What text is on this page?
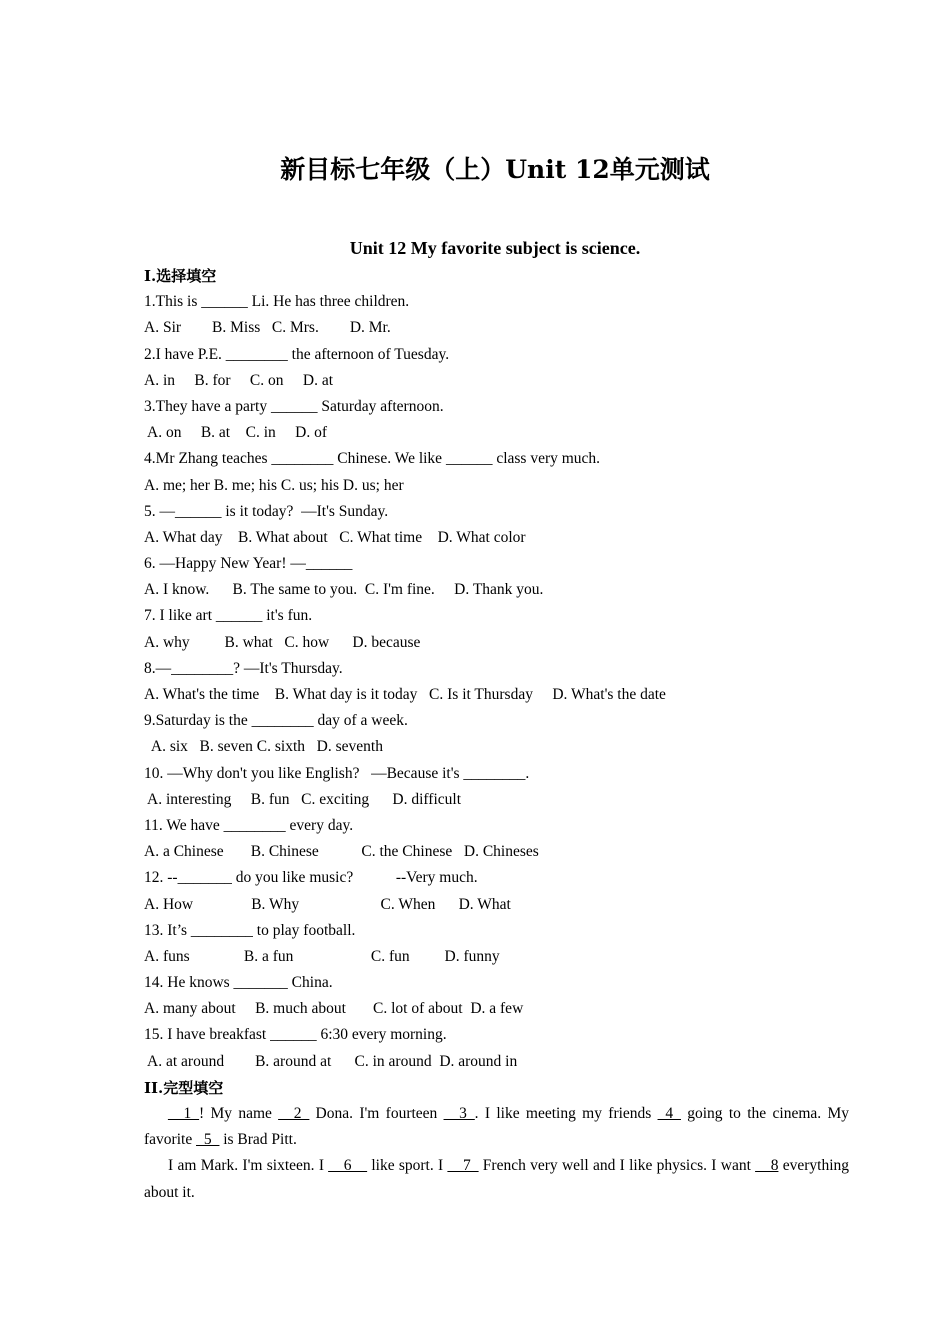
新目标七年级（上）Unit 12单元测试
Unit 12 My favorite subject is science.
Ⅰ.选择填空
1.This is ______ Li. He has three children.
A. Sir        B. Miss   C. Mrs.        D. Mr.
2.I have P.E. ________ the afternoon of Tuesday.
A. in     B. for     C. on     D. at
3.They have a party ______ Saturday afternoon.
A. on     B. at    C. in     D. of
4.Mr Zhang teaches ________ Chinese. We like ______ class very much.
A. me; her B. me; his C. us; his D. us; her
5. —______ is it today?  —It's Sunday.
A. What day    B. What about   C. What time    D. What color
6. —Happy New Year! —______
A. I know.      B. The same to you.  C. I'm fine.     D. Thank you.
7. I like art ______ it's fun.
A. why         B. what   C. how      D. because
8.—________? —It's Thursday.
A. What's the time    B. What day is it today   C. Is it Thursday     D. What's the date
9.Saturday is the ________ day of a week.
A. six   B. seven C. sixth   D. seventh
10. —Why don't you like English?   —Because it's ________.
A. interesting     B. fun   C. exciting      D. difficult
11. We have ________ every day.
A. a Chinese       B. Chinese           C. the Chinese   D. Chineses
12. --_______ do you like music?           --Very much.
A. How               B. Why                     C. When      D. What
13. It’s ________ to play football.
A. funs              B. a fun                    C. fun         D. funny
14. He knows _______ China.
A. many about     B. much about       C. lot of about  D. a few
15. I have breakfast ______ 6:30 every morning.
A. at around        B. around at      C. in around  D. around in
II.完型填空
__1_! My name __2_ Dona. I'm fourteen __3_. I like meeting my friends _4_ going to the cinema. My favorite _5_ is Brad Pitt.
I am Mark. I'm sixteen. I __6__ like sport. I __7_ French very well and I like physics. I want __8 everything about it.
